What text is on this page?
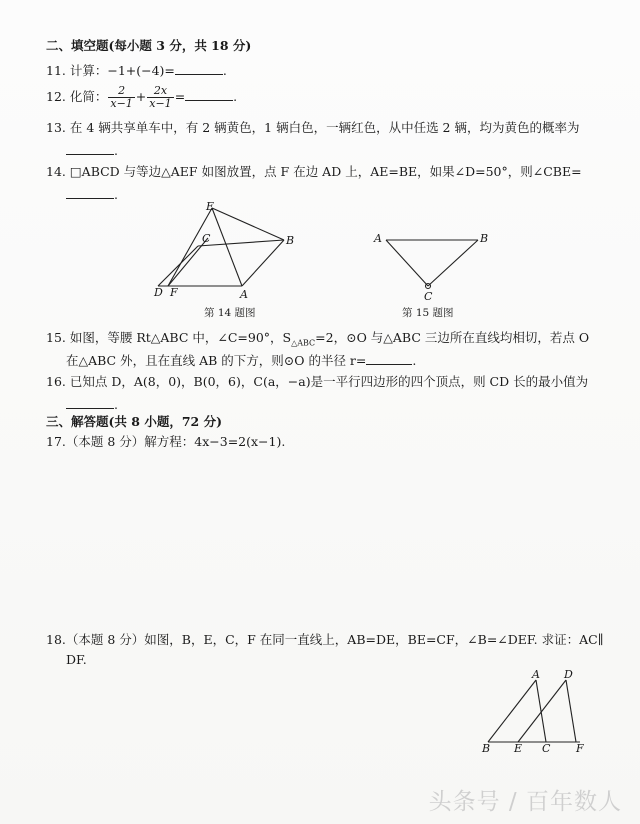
二、填空题(每小题 3 分，共 18 分)
11. 计算：−1+(−4)=	.
12. 化简： $\frac{2}{x-1} + \frac{2x}{x-1}$ =	.
13. 在 4 辆共享单车中，有 2 辆黄色，1 辆白色，一辆红色，从中任选 2 辆，均为黄色的概率为
.
14. □ABCD 与等边△AEF 如图放置，点 F 在边 AD 上，AE=BE，如果∠D=50°，则∠CBE=
.
E
C	B
D F	A
第 14 题图
A	B
C
第 15 题图
15. 如图，等腰 Rt△ABC 中，∠C=90°，$S_{\triangle ABC}=2$，⊙O 与△ABC 三边所在直线均相切，若点 O
在△ABC 外，且在直线 AB 的下方，则⊙O 的半径 r=	.
16. 已知点 D，A(8，0)，B(0，6)，C(a，−a)是一平行四边形的四个顶点，则 CD 长的最小值为
.
三、解答题(共 8 小题，72 分)
17.（本题 8 分）解方程：4x−3=2(x−1).
18.（本题 8 分）如图，B，E，C，F 在同一直线上，AB=DE，BE=CF，∠B=∠DEF. 求证：AC∥
DF.
A D
B E C F
头条号 / 百年数人
